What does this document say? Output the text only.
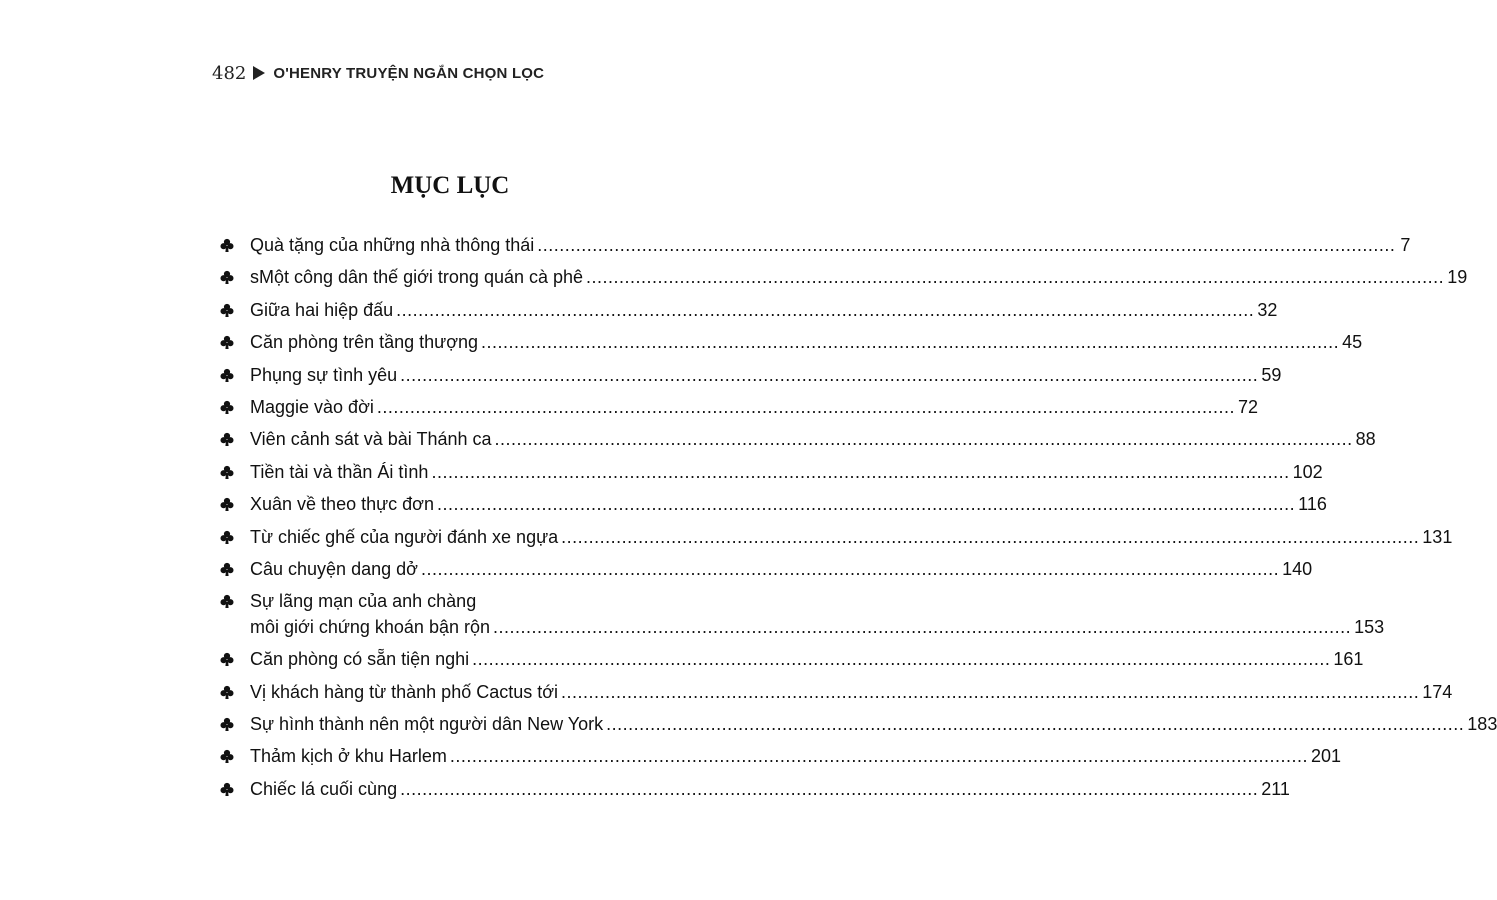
482 O'HENRY TRUYỆN NGẮN CHỌN LỌC
MỤC LỤC
Quà tặng của những nhà thông thái .....	7
sMột công dân thế giới trong quán cà phê .....	19
Giữa hai hiệp đấu .....	32
Căn phòng trên tầng thượng .....	45
Phụng sự tình yêu .....	59
Maggie vào đời .....	72
Viên cảnh sát và bài Thánh ca .....	88
Tiền tài và thần Ái tình .....	102
Xuân về theo thực đơn .....	116
Từ chiếc ghế của người đánh xe ngựa .....	131
Câu chuyện dang dở .....	140
Sự lãng mạn của anh chàng
môi giới chứng khoán bận rộn .....	153
Căn phòng có sẵn tiện nghi .....	161
Vị khách hàng từ thành phố Cactus tới .....	174
Sự hình thành nên một người dân New York .....	183
Thảm kịch ở khu Harlem .....	201
Chiếc lá cuối cùng .....	211
